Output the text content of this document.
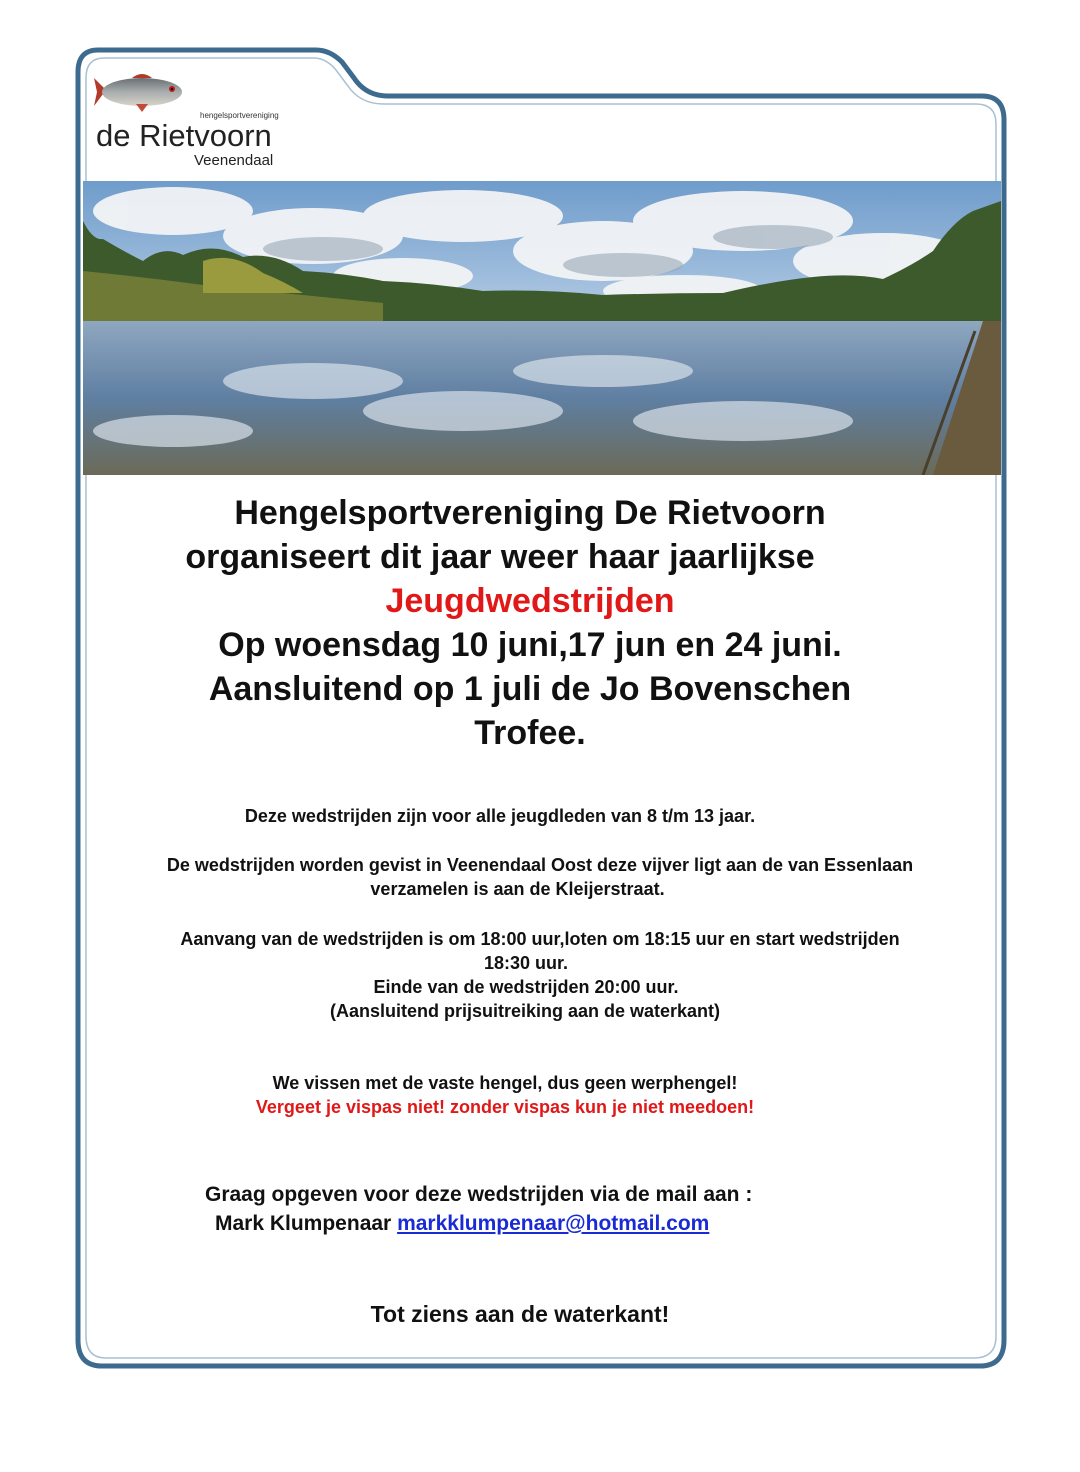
hengelsportvereniging
de Rietvoorn
Veenendaal
Hengelsportvereniging De Rietvoorn
organiseert dit jaar weer haar jaarlijkse
Jeugdwedstrijden
Op woensdag 10 juni,17 jun en 24 juni.
Aansluitend op 1 juli de Jo Bovenschen
Trofee.
Deze wedstrijden zijn voor alle jeugdleden van 8 t/m 13 jaar.
De wedstrijden worden gevist in Veenendaal Oost deze vijver ligt aan de van Essenlaan
verzamelen is aan de Kleijerstraat.
Aanvang van de wedstrijden is om 18:00 uur,loten om 18:15 uur en start wedstrijden
18:30 uur.
Einde van de wedstrijden 20:00 uur.
(Aansluitend prijsuitreiking aan de waterkant)
We vissen met de vaste hengel, dus geen werphengel!
Vergeet je vispas niet! zonder vispas kun je niet meedoen!
Graag opgeven voor deze wedstrijden via de mail aan :
Mark Klumpenaar markklumpenaar@hotmail.com
Tot ziens aan de waterkant!
